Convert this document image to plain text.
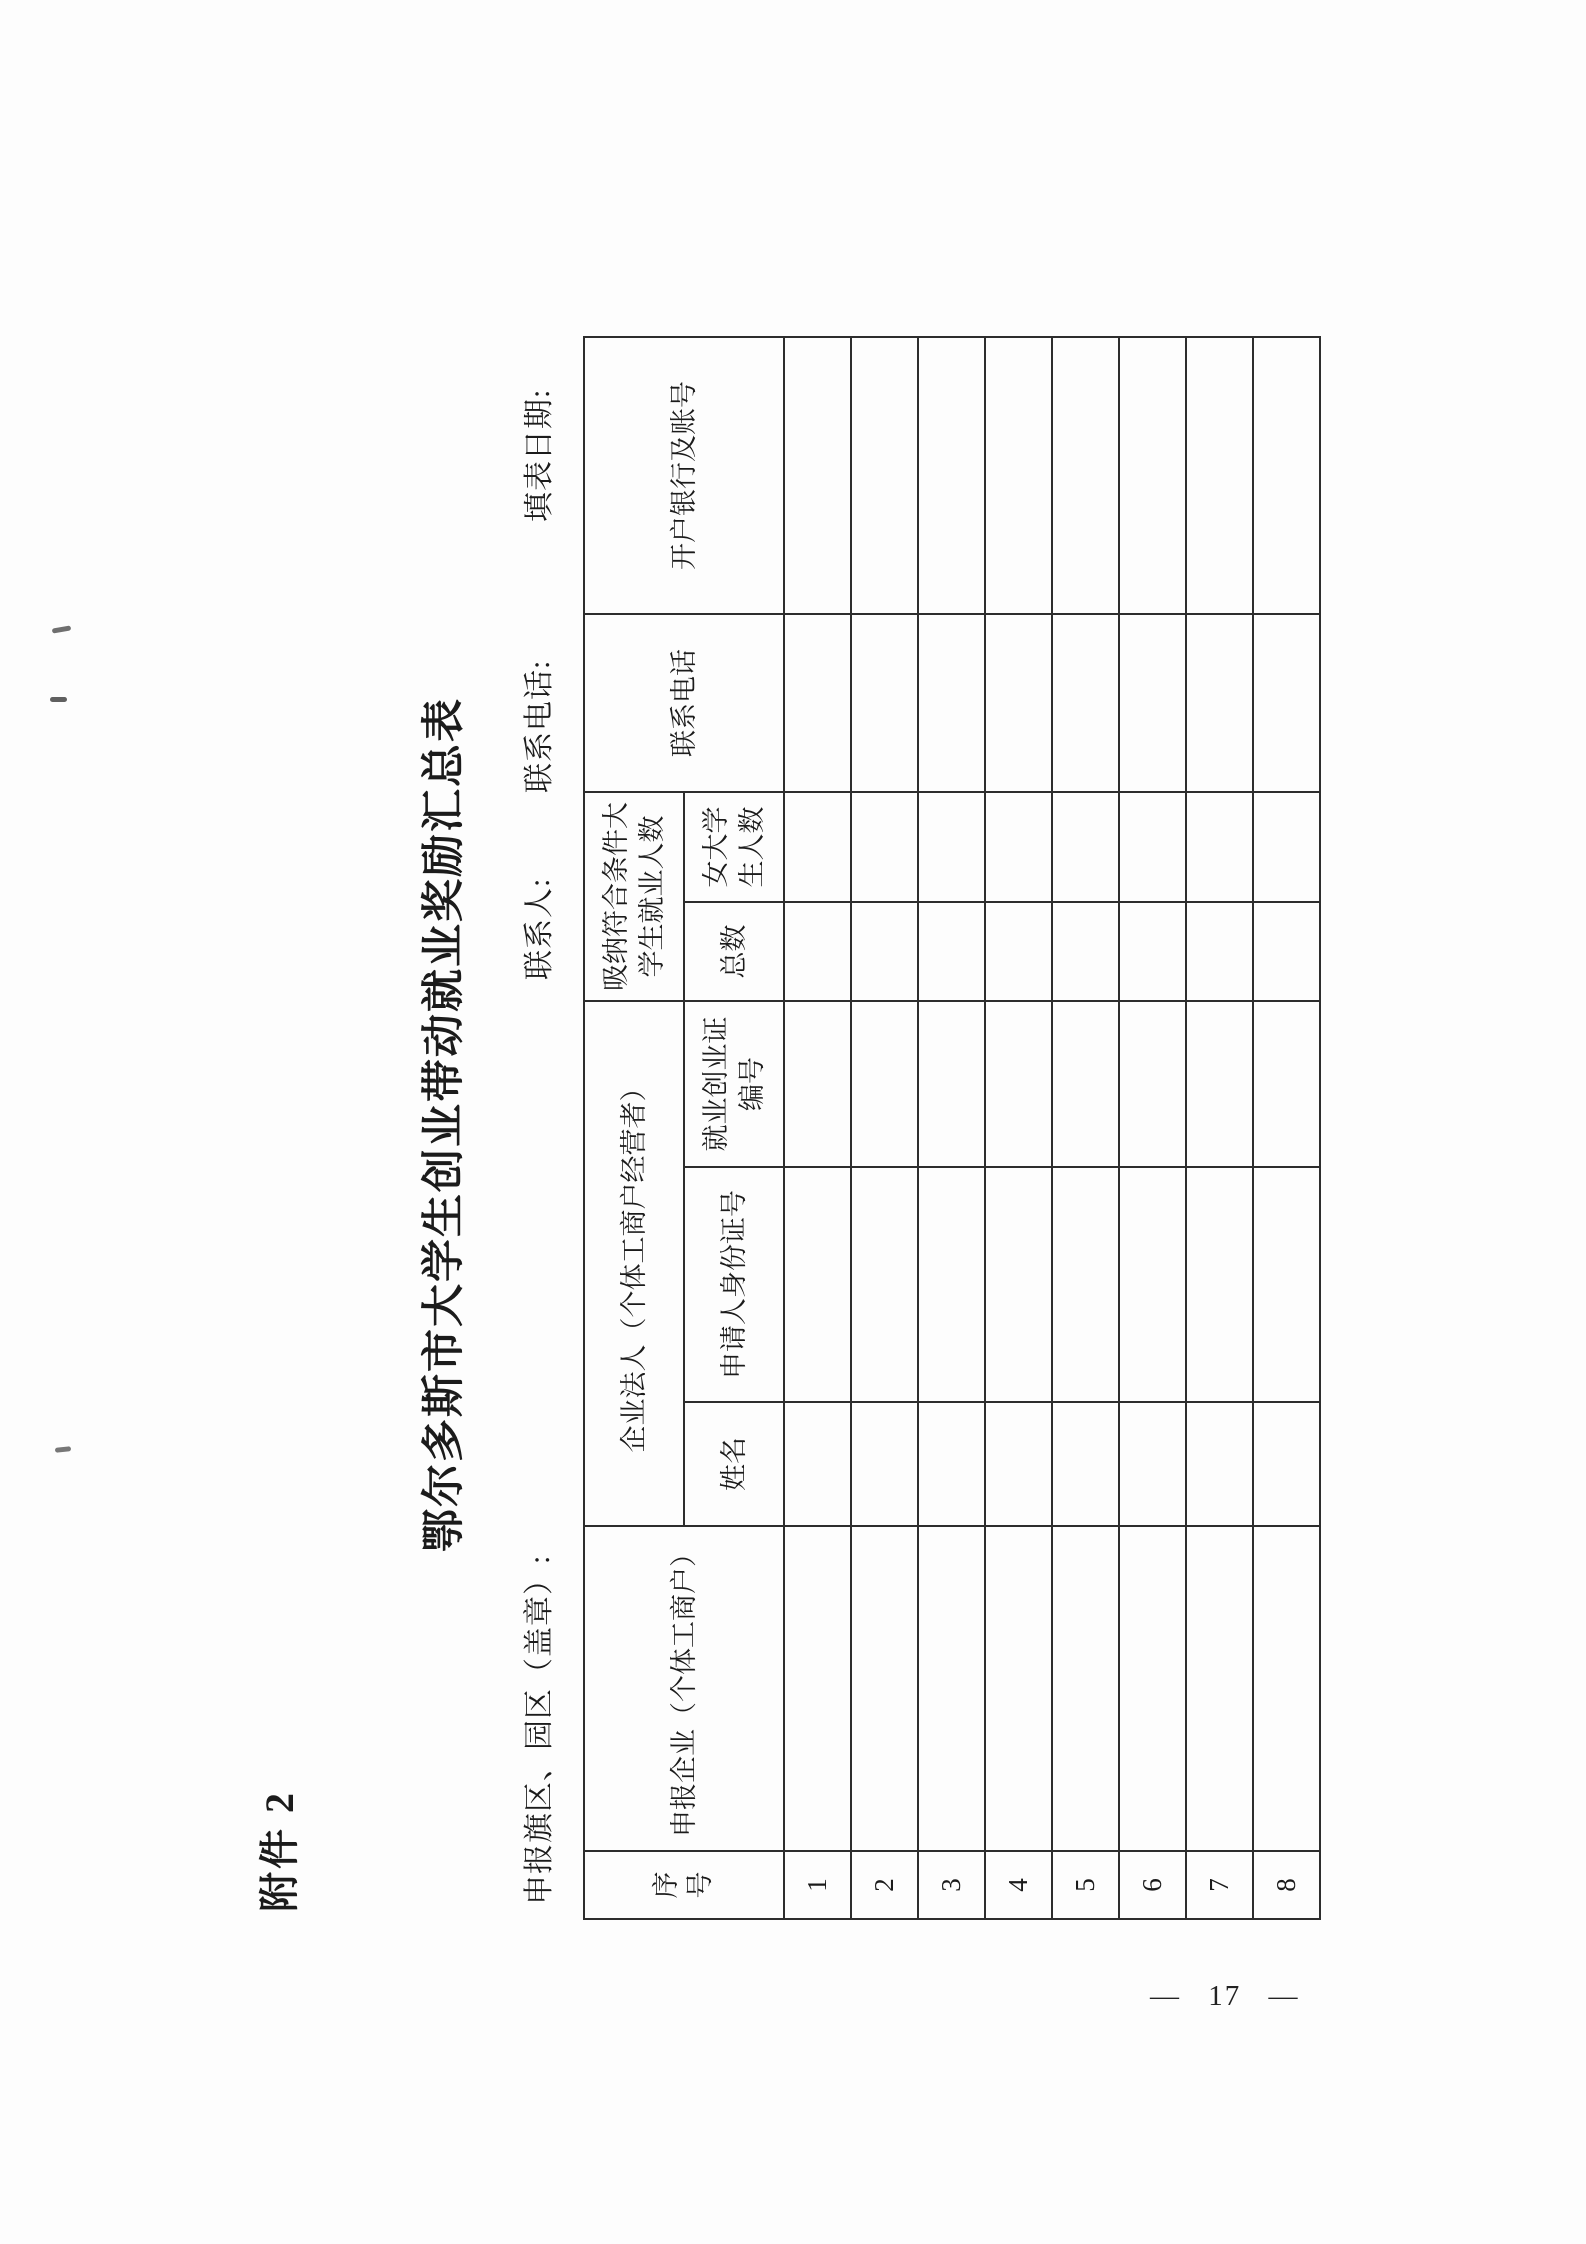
附件 2
鄂尔多斯市大学生创业带动就业奖励汇总表
申报旗区、园区（盖章）:
联系人:
联系电话:
填表日期:
序号	申报企业（个体工商户）	企业法人（个体工商户经营者）			吸纳符合条件大学生就业人数		联系电话	开户银行及账号
		姓名	申请人身份证号	就业创业证编号	总数	女大学生人数		

1								
2								
3								
4								
5								
6								
7								
8								
— 17 —
